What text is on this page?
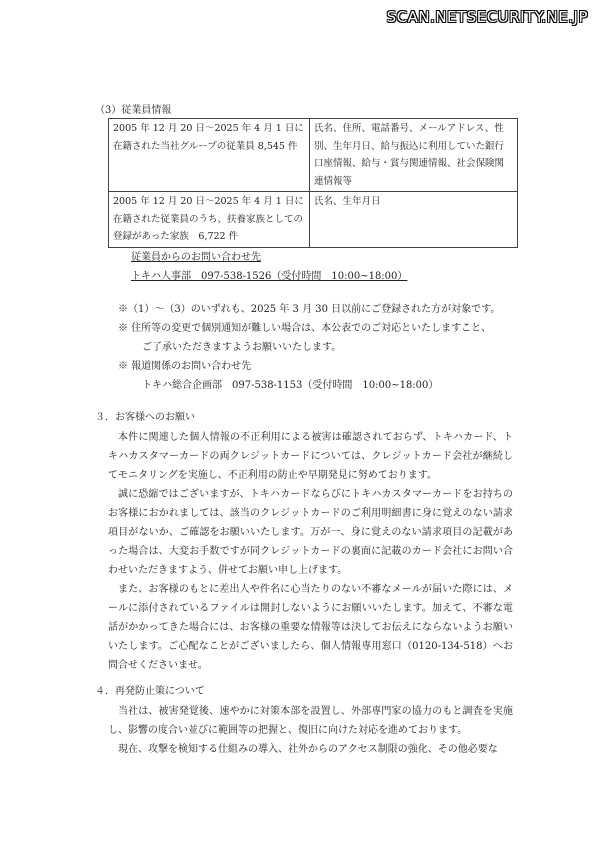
SCAN.NETSECURITY.NE.JP
（3）従業員情報
2005 年 12 月 20 日～2025 年 4 月 1 日に在籍された当社グループの従業員 8,545 件	氏名、住所、電話番号、メールアドレス、性別、生年月日、給与振込に利用していた銀行口座情報、給与・賞与関連情報、社会保険関連情報等
2005 年 12 月 20 日～2025 年 4 月 1 日に在籍された従業員のうち、扶養家族としての登録があった家族　6,722 件	氏名、生年月日
従業員からのお問い合わせ先
トキハ人事部　097-538-1526（受付時間　10:00~18:00）
※（1）～（3）のいずれも、2025 年 3 月 30 日以前にご登録された方が対象です。
※ 住所等の変更で個別通知が難しい場合は、本公表でのご対応といたしますこと、
ご了承いただきますようお願いいたします。
※ 報道関係のお問い合わせ先
トキハ総合企画部　097-538-1153（受付時間　10:00~18:00）
３．お客様へのお願い

本件に関連した個人情報の不正利用による被害は確認されておらず、トキハカード、トキハカスタマーカードの両クレジットカードについては、クレジットカード会社が継続してモニタリングを実施し、不正利用の防止や早期発見に努めております。

誠に恐縮ではございますが、トキハカードならびにトキハカスタマーカードをお持ちのお客様におかれましては、該当のクレジットカードのご利用明細書に身に覚えのない請求項目がないか、ご確認をお願いいたします。万が一、身に覚えのない請求項目の記載があった場合は、大変お手数ですが同クレジットカードの裏面に記載のカード会社にお問い合わせいただきますよう、併せてお願い申し上げます。

また、お客様のもとに差出人や件名に心当たりのない不審なメールが届いた際には、メールに添付されているファイルは開封しないようにお願いいたします。加えて、不審な電話がかかってきた場合には、お客様の重要な情報等は決してお伝えにならないようお願いいたします。ご心配なことがございましたら、個人情報専用窓口（0120-134-518）へお問合せくださいませ。

４．再発防止策について

当社は、被害発覚後、速やかに対策本部を設置し、外部専門家の協力のもと調査を実施し、影響の度合い並びに範囲等の把握と、復旧に向けた対応を進めております。

現在、攻撃を検知する仕組みの導入、社外からのアクセス制限の強化、その他必要な
